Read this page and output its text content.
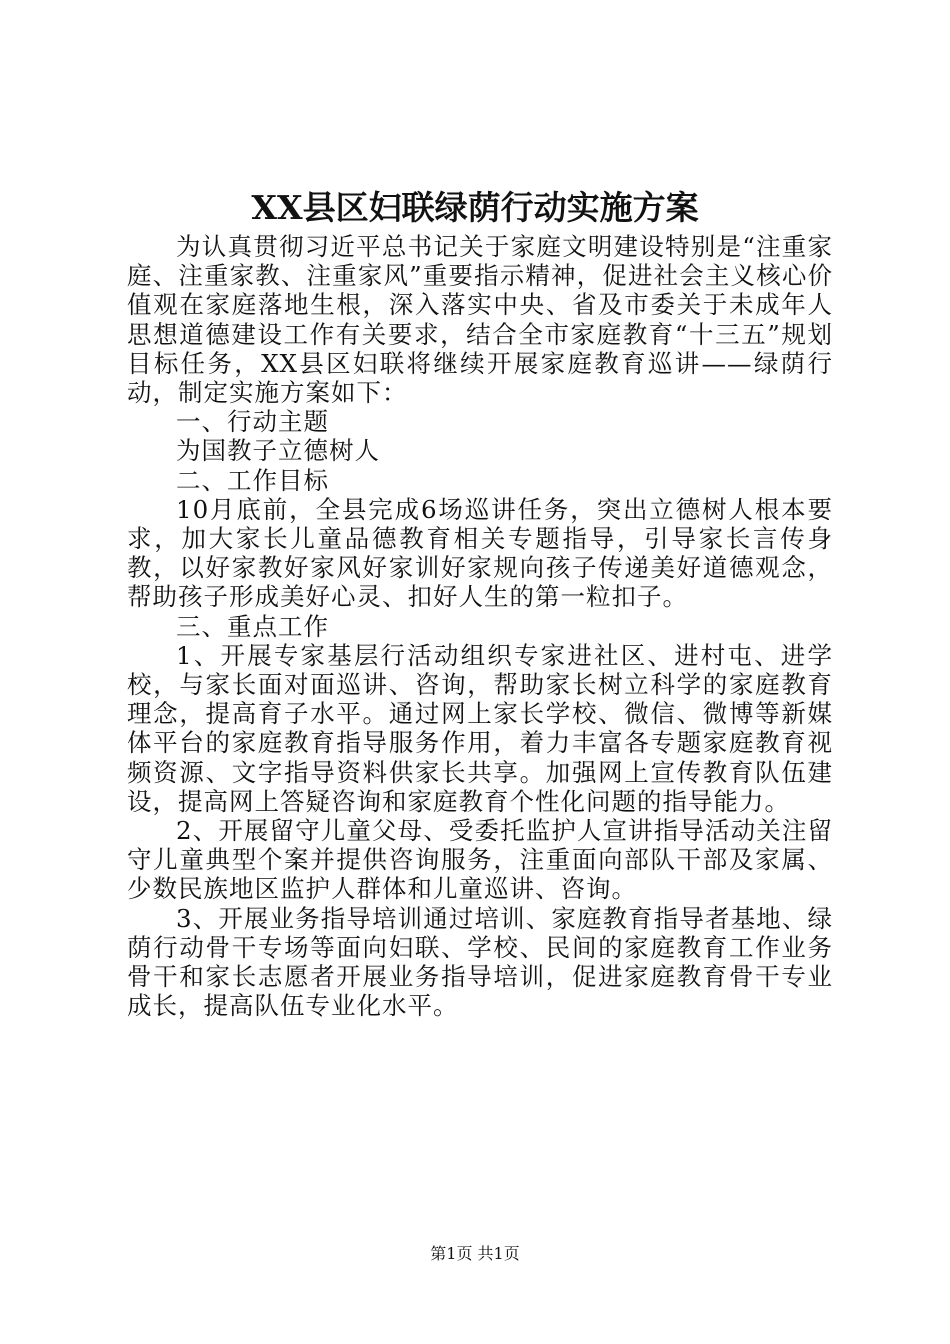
XX县区妇联绿荫行动实施方案

为认真贯彻习近平总书记关于家庭文明建设特别是“注重家庭、注重家教、注重家风”重要指示精神，促进社会主义核心价值观在家庭落地生根，深入落实中央、省及市委关于未成年人思想道德建设工作有关要求，结合全市家庭教育“十三五”规划目标任务，XX县区妇联将继续开展家庭教育巡讲——绿荫行动，制定实施方案如下：

一、行动主题

为国教子立德树人

二、工作目标

10月底前，全县完成6场巡讲任务，突出立德树人根本要求，加大家长儿童品德教育相关专题指导，引导家长言传身教，以好家教好家风好家训好家规向孩子传递美好道德观念，帮助孩子形成美好心灵、扣好人生的第一粒扣子。

三、重点工作

1、开展专家基层行活动组织专家进社区、进村屯、进学校，与家长面对面巡讲、咨询，帮助家长树立科学的家庭教育理念，提高育子水平。通过网上家长学校、微信、微博等新媒体平台的家庭教育指导服务作用，着力丰富各专题家庭教育视频资源、文字指导资料供家长共享。加强网上宣传教育队伍建设，提高网上答疑咨询和家庭教育个性化问题的指导能力。

2、开展留守儿童父母、受委托监护人宣讲指导活动关注留守儿童典型个案并提供咨询服务，注重面向部队干部及家属、少数民族地区监护人群体和儿童巡讲、咨询。

3、开展业务指导培训通过培训、家庭教育指导者基地、绿荫行动骨干专场等面向妇联、学校、民间的家庭教育工作业务骨干和家长志愿者开展业务指导培训，促进家庭教育骨干专业成长，提高队伍专业化水平。

第1页 共1页
